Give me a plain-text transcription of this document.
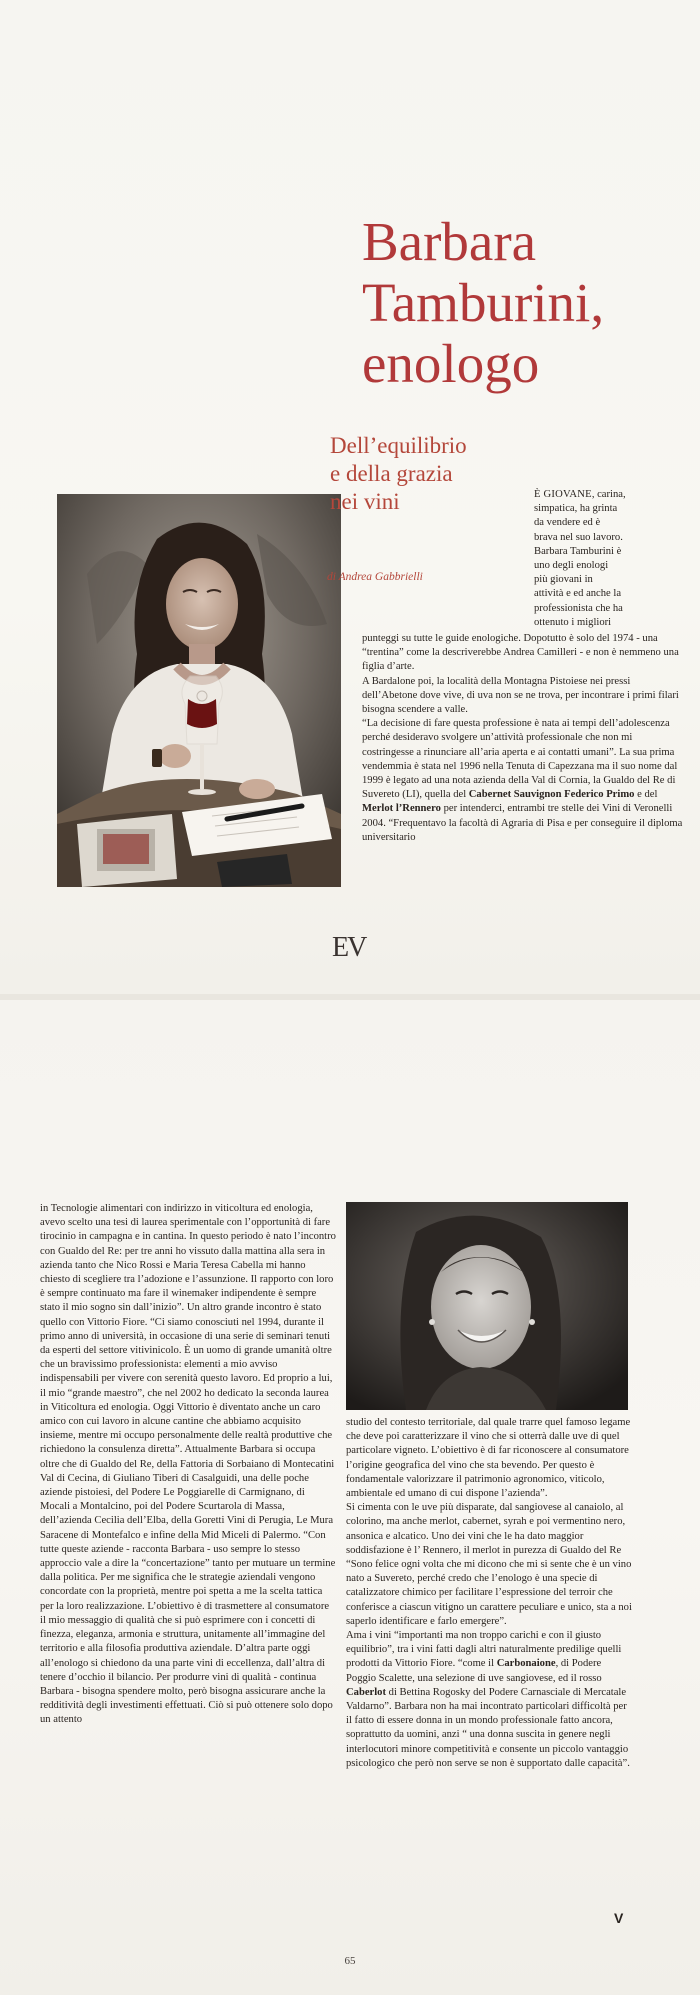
Barbara
Tamburini,
enologo
Dell’equilibrio
e della grazia
nei vini
di Andrea Gabbrielli

È GIOVANE, carina,
simpatica, ha grinta
da vendere ed è
brava nel suo lavoro.
Barbara Tamburini è
uno degli enologi
più giovani in
attività e ed anche la
professionista che ha
ottenuto i migliori

punteggi su tutte le guide enologiche. Dopotutto è solo del 1974 - una “trentina” come la descriverebbe Andrea Camilleri - e non è nemmeno una figlia d’arte.

A Bardalone poi, la località della Montagna Pistoiese nei pressi dell’Abetone dove vive, di uva non se ne trova, per incontrare i primi filari bisogna scendere a valle.

“La decisione di fare questa professione è nata ai tempi dell’adolescenza perché desideravo svolgere un’attività professionale che non mi costringesse a rinunciare all’aria aperta e ai contatti umani”. La sua prima vendemmia è stata nel 1996 nella Tenuta di Capezzana ma il suo nome dal 1999 è legato ad una nota azienda della Val di Cornia, la Gualdo del Re di Suvereto (LI), quella del Cabernet Sauvignon Federico Primo e del Merlot l’Rennero per intenderci, entrambi tre stelle dei Vini di Veronelli 2004. “Frequentavo la facoltà di Agraria di Pisa e per conseguire il diploma universitario

EV

in Tecnologie alimentari con indirizzo in viticoltura ed enologia, avevo scelto una tesi di laurea sperimentale con l’opportunità di fare tirocinio in campagna e in cantina. In questo periodo è nato l’incontro con Gualdo del Re: per tre anni ho vissuto dalla mattina alla sera in azienda tanto che Nico Rossi e Maria Teresa Cabella mi hanno chiesto di scegliere tra l’adozione e l’assunzione. Il rapporto con loro è sempre continuato ma fare il winemaker indipendente è sempre stato il mio sogno sin dall’inizio”. Un altro grande incontro è stato quello con Vittorio Fiore. “Ci siamo conosciuti nel 1994, durante il primo anno di università, in occasione di una serie di seminari tenuti da esperti del settore vitivinicolo. È un uomo di grande umanità oltre che un bravissimo professionista: elementi a mio avviso indispensabili per vivere con serenità questo lavoro. Ed proprio a lui, il mio “grande maestro”, che nel 2002 ho dedicato la seconda laurea in Viticoltura ed enologia. Oggi Vittorio è diventato anche un caro amico con cui lavoro in alcune cantine che abbiamo acquisito insieme, mentre mi occupo personalmente delle realtà produttive che richiedono la consulenza diretta”. Attualmente Barbara si occupa oltre che di Gualdo del Re, della Fattoria di Sorbaiano di Montecatini Val di Cecina, di Giuliano Tiberi di Casalguidi, una delle poche aziende pistoiesi, del Podere Le Poggiarelle di Carmignano, di Mocali a Montalcino, poi del Podere Scurtarola di Massa, dell’azienda Cecilia dell’Elba, della Goretti Vini di Perugia, Le Mura Saracene di Montefalco e infine della Mid Miceli di Palermo. “Con tutte queste aziende - racconta Barbara - uso sempre lo stesso approccio vale a dire la “concertazione” tanto per mutuare un termine dalla politica. Per me significa che le strategie aziendali vengono concordate con la proprietà, mentre poi spetta a me la scelta tattica per la loro realizzazione. L’obiettivo è di trasmettere al consumatore il mio messaggio di qualità che si può esprimere con i concetti di finezza, eleganza, armonia e struttura, unitamente all’immagine del territorio e alla filosofia produttiva aziendale. D’altra parte oggi all’enologo si chiedono da una parte vini di eccellenza, dall’altra di tenere d’occhio il bilancio. Per produrre vini di qualità - continua Barbara - bisogna spendere molto, però bisogna assicurare anche la redditività degli investimenti effettuati. Ciò si può ottenere solo dopo un attento

studio del contesto territoriale, dal quale trarre quel famoso legame che deve poi caratterizzare il vino che si otterrà dalle uve di quel particolare vigneto. L’obiettivo è di far riconoscere al consumatore l’origine geografica del vino che sta bevendo. Per questo è fondamentale valorizzare il patrimonio agronomico, viticolo, ambientale ed umano di cui dispone l’azienda”.

Si cimenta con le uve più disparate, dal sangiovese al canaiolo, al colorino, ma anche merlot, cabernet, syrah e poi vermentino nero, ansonica e alcatico. Uno dei vini che le ha dato maggior soddisfazione è l’ Rennero, il merlot in purezza di Gualdo del Re “Sono felice ogni volta che mi dicono che mi si sente che è un vino nato a Suvereto, perché credo che l’enologo è una specie di catalizzatore chimico per facilitare l’espressione del terroir che conferisce a ciascun vitigno un carattere peculiare e unico, sta a noi saperlo identificare e farlo emergere”.

Ama i vini “importanti ma non troppo carichi e con il giusto equilibrio”, tra i vini fatti dagli altri naturalmente predilige quelli prodotti da Vittorio Fiore. “come il Carbonaione, di Podere Poggio Scalette, una selezione di uve sangiovese, ed il rosso Caberlot di Bettina Rogosky del Podere Carnasciale di Mercatale Valdarno”. Barbara non ha mai incontrato particolari difficoltà per il fatto di essere donna in un mondo professionale fatto ancora, soprattutto da uomini, anzi “ una donna suscita in genere negli interlocutori minore competitività e consente un piccolo vantaggio psicologico che però non serve se non è supportato dalle capacità”.

V
65
